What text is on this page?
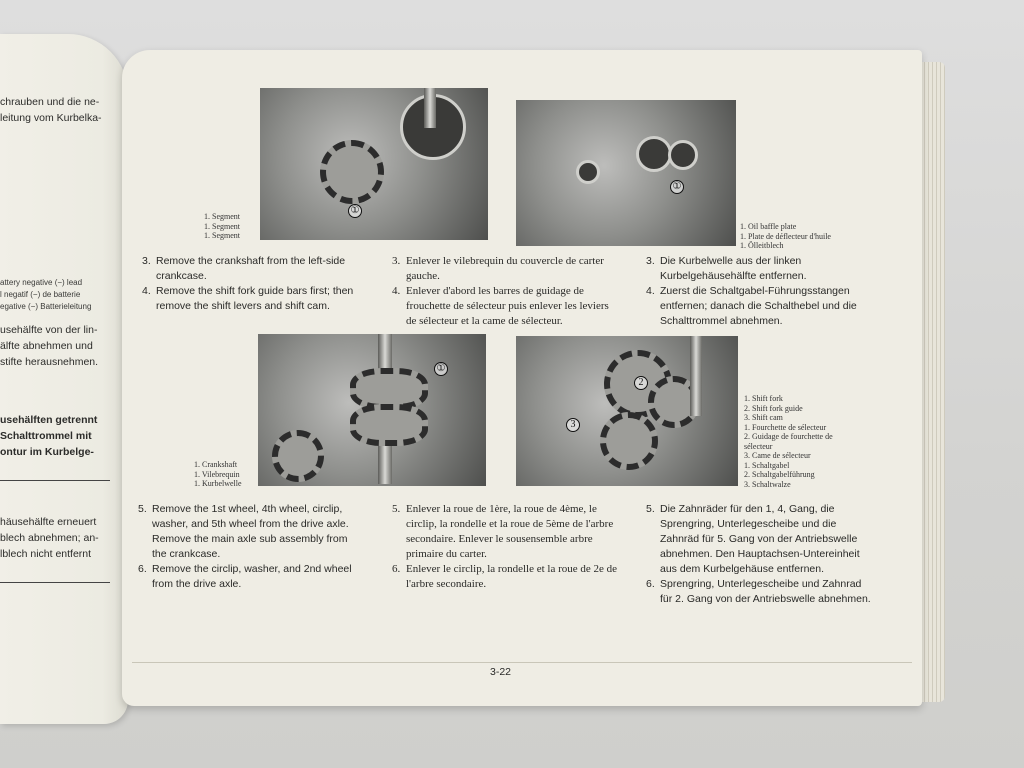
chrauben und die ne-
leitung vom Kurbelka-
attery negative (−) lead
l negatif (−) de batterie
egative (−) Batterieleitung
usehälfte von der lin-
älfte abnehmen und
stifte herausnehmen.
usehälften getrennt
Schalttrommel mit
ontur im Kurbelge-
häusehälfte erneuert
blech abnehmen; an-
lblech nicht entfernt
①
1. Segment
1. Segment
1. Segment
①
1. Oil baffle plate
1. Plate de déflecteur d'huile
1. Ölleitblech
3. Remove the crankshaft from the left-side crankcase.
4. Remove the shift fork guide bars first; then remove the shift levers and shift cam.
3. Enlever le vilebrequin du couvercle de carter gauche.
4. Enlever d'abord les barres de guidage de frouchette de sélecteur puis enlever les leviers de sélecteur et la came de sélecteur.
3. Die Kurbelwelle aus der linken Kurbelgehäusehälfte entfernen.
4. Zuerst die Schaltgabel-Führungsstangen entfernen; danach die Schalthebel und die Schalttrommel abnehmen.
①
1. Crankshaft
1. Vilebrequin
1. Kurbelwelle
2
3
1. Shift fork
2. Shift fork guide
3. Shift cam
1. Fourchette de sélecteur
2. Guidage de fourchette de
sélecteur
3. Came de sélecteur
1. Schaltgabel
2. Schaltgabelführung
3. Schaltwalze
5. Remove the 1st wheel, 4th wheel, circlip, washer, and 5th wheel from the drive axle. Remove the main axle sub assembly from the crankcase.
6. Remove the circlip, washer, and 2nd wheel from the drive axle.
5. Enlever la roue de 1ère, la roue de 4ème, le circlip, la rondelle et la roue de 5ème de l'arbre secondaire. Enlever le sousensemble arbre primaire du carter.
6. Enlever le circlip, la rondelle et la roue de 2e de l'arbre secondaire.
5. Die Zahnräder für den 1, 4, Gang, die Sprengring, Unterlegescheibe und die Zahnräd für 5. Gang von der Antriebswelle abnehmen. Den Hauptachsen-Untereinheit aus dem Kurbelgehäuse entfernen.
6. Sprengring, Unterlegescheibe und Zahnrad für 2. Gang von der Antriebswelle abnehmen.
3-22
